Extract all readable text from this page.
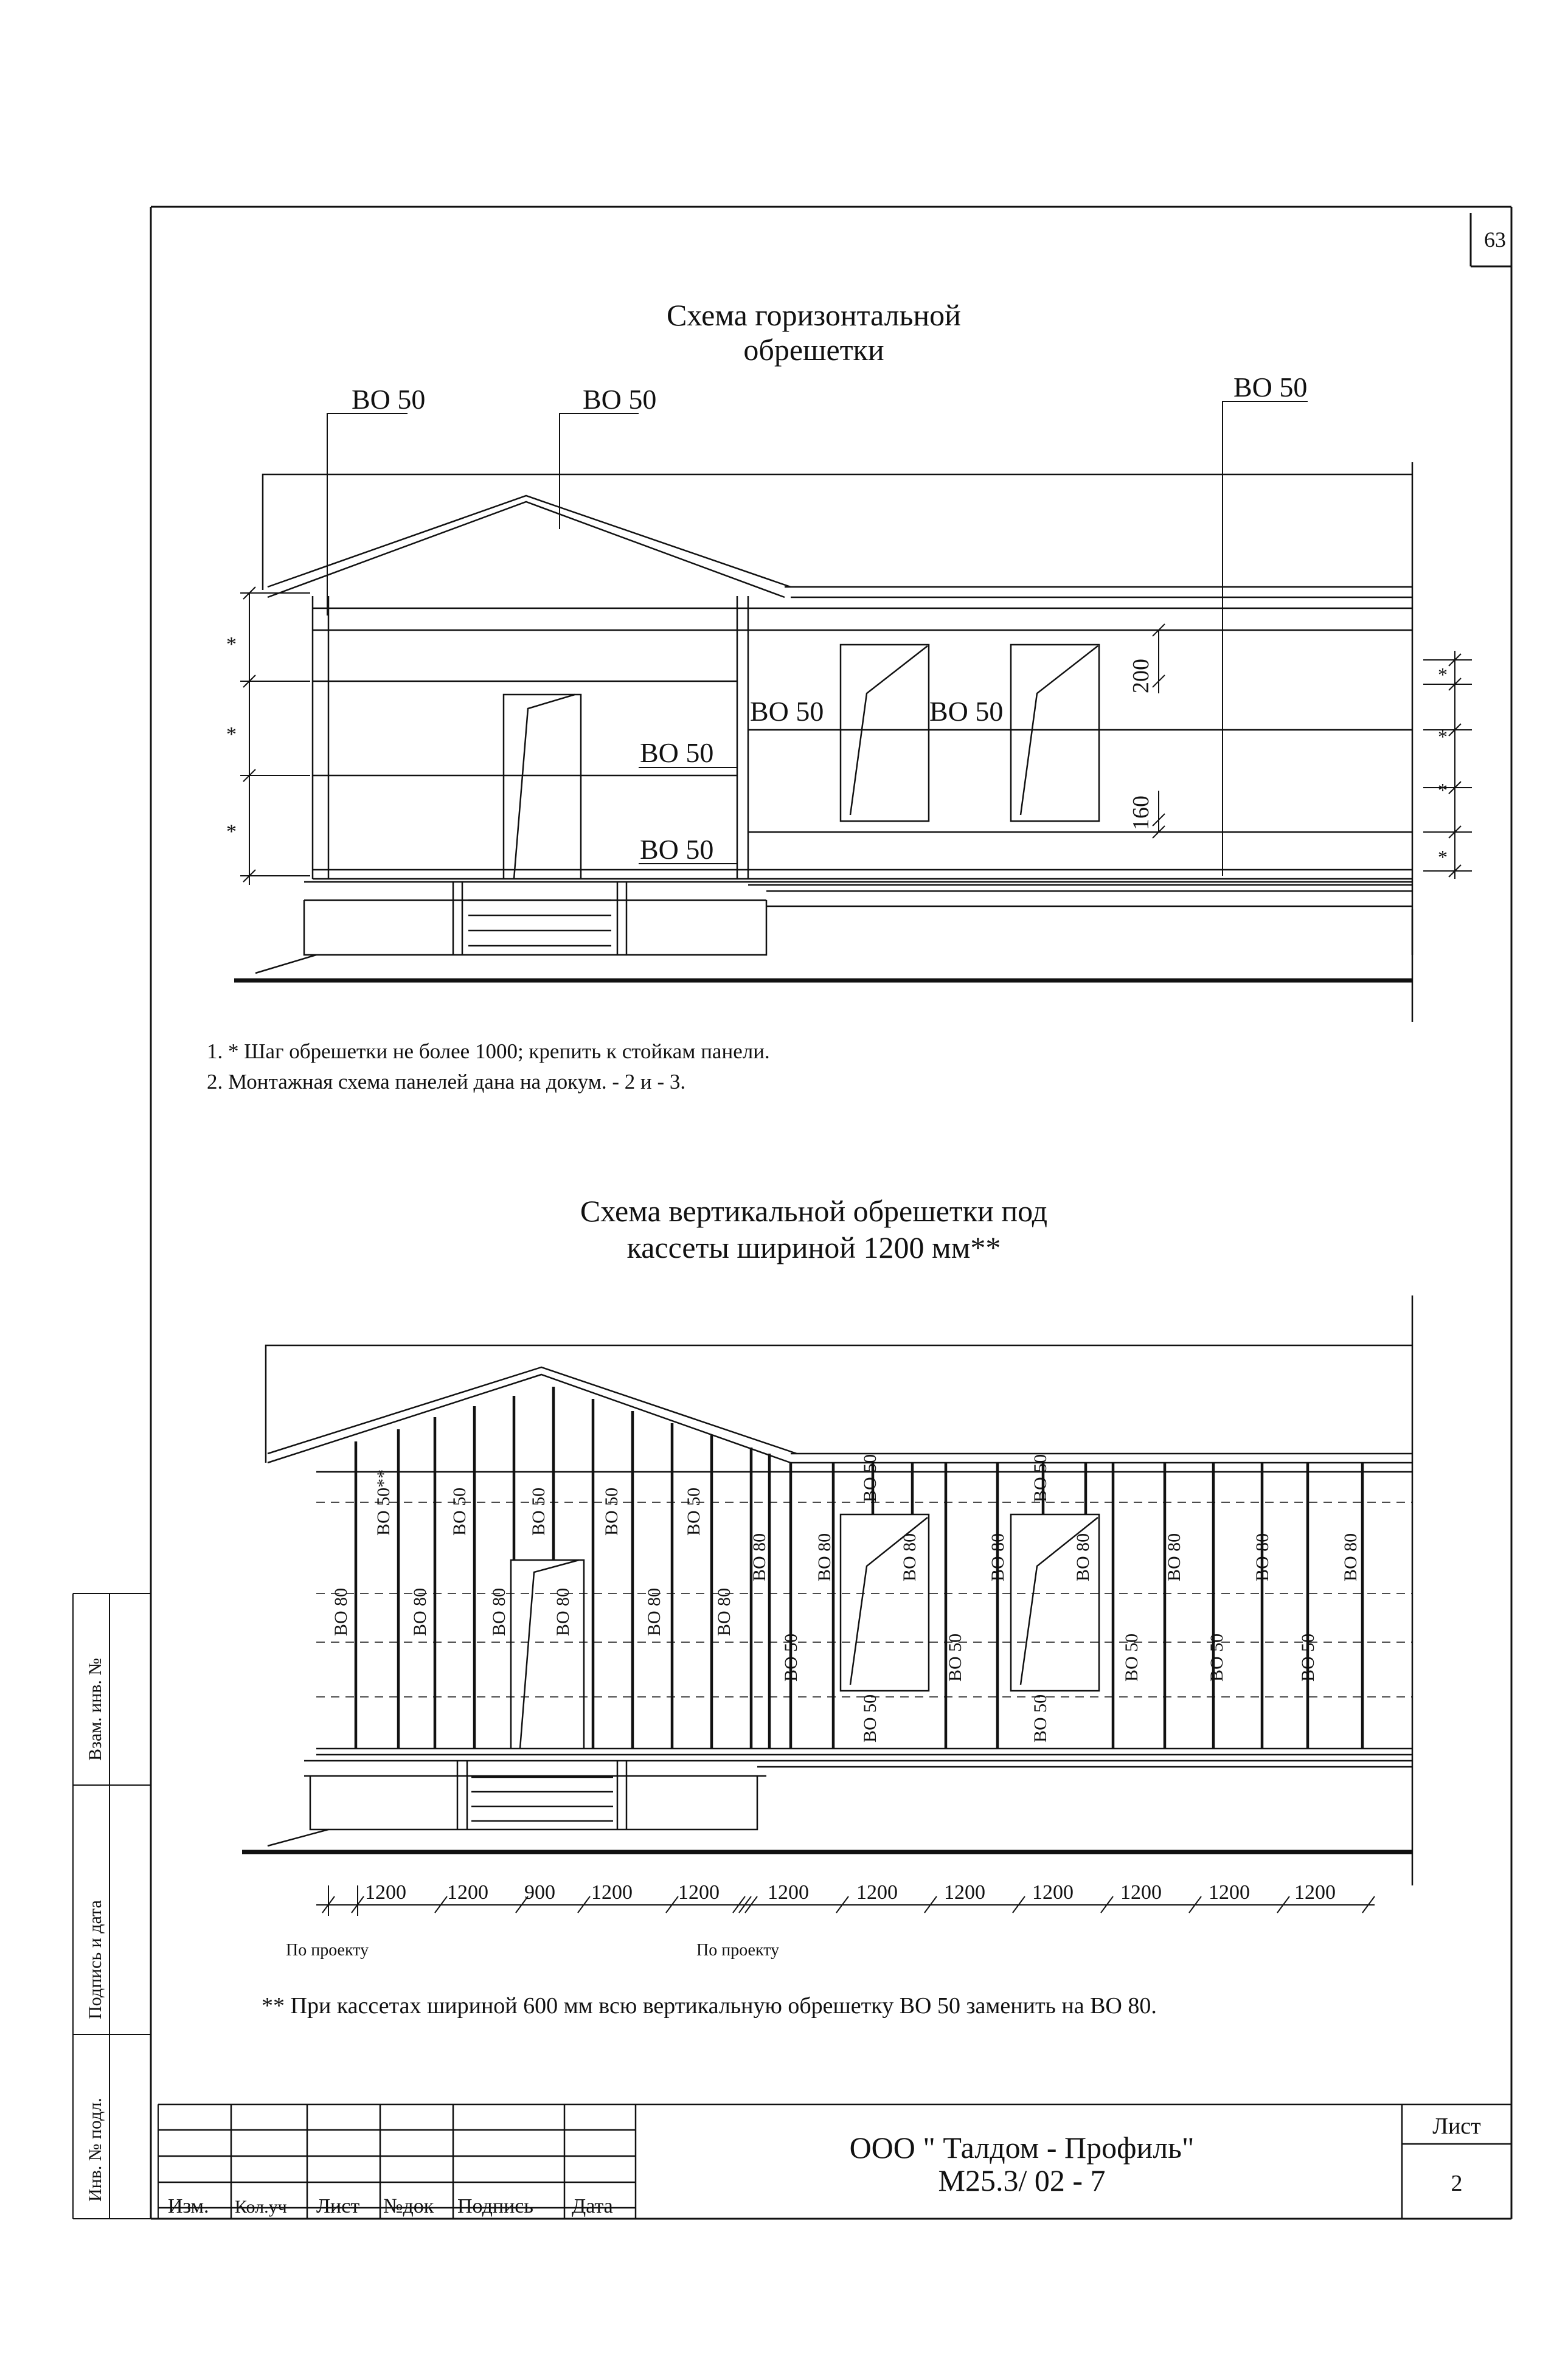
63
Взам. инв. №
Подпись и дата
Инв. № подл.
Схема горизонтальной
обрешетки
ВО 50	ВО 50	ВО 50
ВО 50
ВО 50
ВО 50	ВО 50
*
*
*
*
*
*
*
200
160
1. * Шаг обрешетки не более 1000; крепить к стойкам панели.
2. Монтажная схема панелей дана на докум. - 2 и - 3.
Схема вертикальной обрешетки под
кассеты шириной 1200 мм**
ВО 80
ВО 50**
ВО 80
ВО 50
ВО 80
ВО 50
ВО 80
ВО 50
ВО 80
ВО 50
ВО 80
ВО 80
ВО 50
ВО 80
ВО 50
ВО 80
ВО 50
ВО 50
ВО 80
ВО 50
ВО 80
ВО 50
ВО 50
ВО 80
ВО 50
ВО 80
ВО 50
ВО 80
1200 1200 900 1200 1200 1200 1200 1200 1200 1200 1200 1200
По проекту	По проекту
** При кассетах шириной 600 мм всю вертикальную обрешетку ВО 50 заменить на ВО 80.
Изм. Кол.уч Лист №док Подпись Дата
ООО " Талдом - Профиль"
М25.3/ 02 - 7
Лист
2
